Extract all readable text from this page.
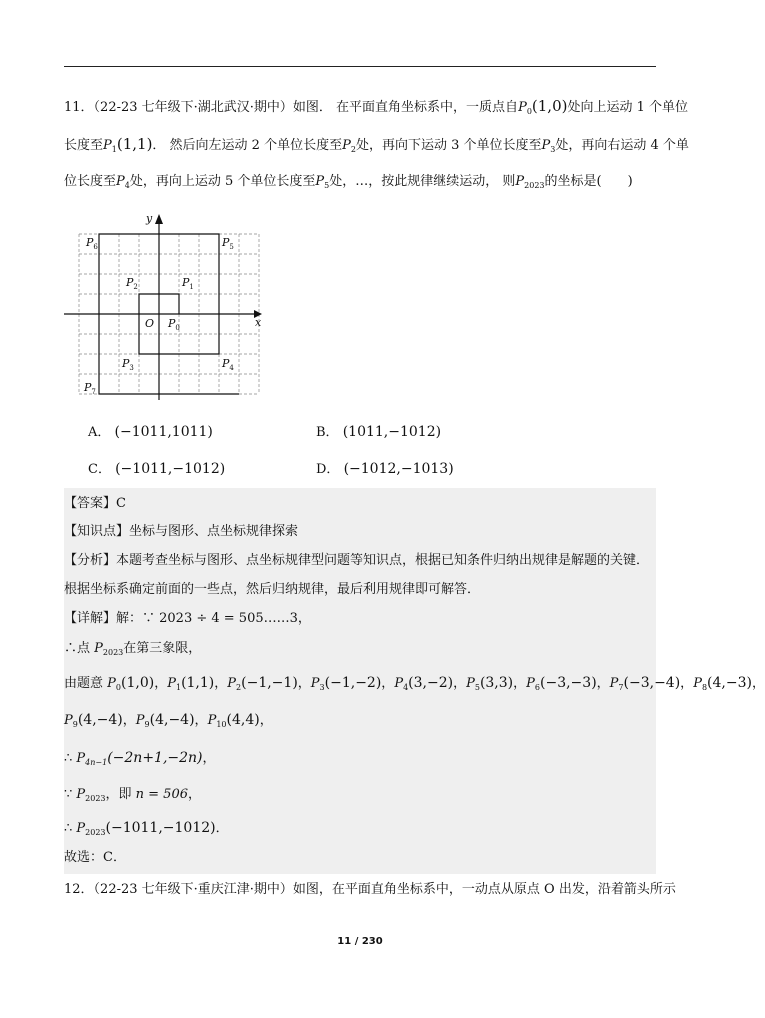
11．（22-23 七年级下·湖北武汉·期中）如图． 在平面直角坐标系中，一质点自$P_0(1,0)$处向上运动 1 个单位
长度至$P_1(1,1)$． 然后向左运动 2 个单位长度至$P_2$处，再向下运动 3 个单位长度至$P_3$处，再向右运动 4 个单
位长度至$P_4$处，再向上运动 5 个单位长度至$P_5$处，…，按此规律继续运动， 则$P_{2023}$的坐标是(　　)
x
y
O
$P_6$	$P_5$
$P_2$	$P_1$
$P_0$
$P_3$	$P_4$
$P_7$
A． (−1011,1011)	B． (1011,−1012)
C． (−1011,−1012)	D． (−1012,−1013)
【答案】C
【知识点】坐标与图形、点坐标规律探索
【分析】本题考查坐标与图形、点坐标规律型问题等知识点，根据已知条件归纳出规律是解题的关键．
根据坐标系确定前面的一些点，然后归纳规律，最后利用规律即可解答．
【详解】解：∵ 2023 ÷ 4 = 505……3，
∴点 $P_{2023}$在第三象限，
由题意 $P_0(1,0)$，$P_1(1,1)$，$P_2(-1,-1)$，$P_3(-1,-2)$，$P_4(3,-2)$，$P_5(3,3)$，$P_6(-3,-3)$，$P_7(-3,-4)$，$P_8(4,-3)$，
$P_9(4,-4)$，$P_9(4,-4)$，$P_{10}(4,4)$，
∴ $P_{4n-1}(-2n+1,-2n)$，
∵ $P_{2023}$，即 n = 506，
∴ $P_{2023}(-1011,-1012)$．
故选：C．
12．（22-23 七年级下·重庆江津·期中）如图，在平面直角坐标系中，一动点从原点 O 出发，沿着箭头所示
11 / 230
